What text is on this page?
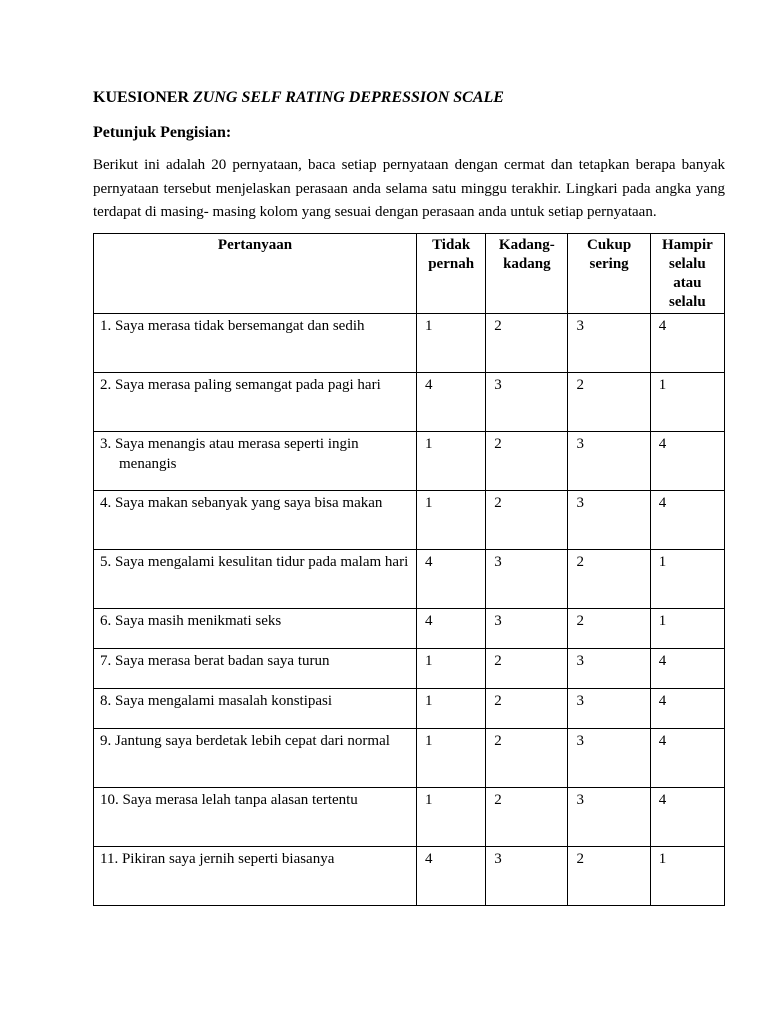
KUESIONER ZUNG SELF RATING DEPRESSION SCALE
Petunjuk Pengisian:

Berikut ini adalah 20 pernyataan, baca setiap pernyataan dengan cermat dan tetapkan berapa banyak pernyataan tersebut menjelaskan perasaan anda selama satu minggu terakhir. Lingkari pada angka yang terdapat di masing- masing kolom yang sesuai dengan perasaan anda untuk setiap pernyataan.

Pertanyaan	Tidak pernah	Kadang-kadang	Cukup sering	Hampir selalu atau selalu

1. Saya merasa tidak bersemangat dan sedih	1	2	3	4

2. Saya merasa paling semangat pada pagi hari	4	3	2	1

3. Saya menangis atau merasa seperti ingin menangis	1	2	3	4

4. Saya makan sebanyak yang saya bisa makan	1	2	3	4

5. Saya mengalami kesulitan tidur pada malam hari	4	3	2	1

6. Saya masih menikmati seks	4	3	2	1

7. Saya merasa berat badan saya turun	1	2	3	4

8. Saya mengalami masalah konstipasi	1	2	3	4

9. Jantung saya berdetak lebih cepat dari normal	1	2	3	4

10. Saya merasa lelah tanpa alasan tertentu	1	2	3	4

11. Pikiran saya jernih seperti biasanya	4	3	2	1
